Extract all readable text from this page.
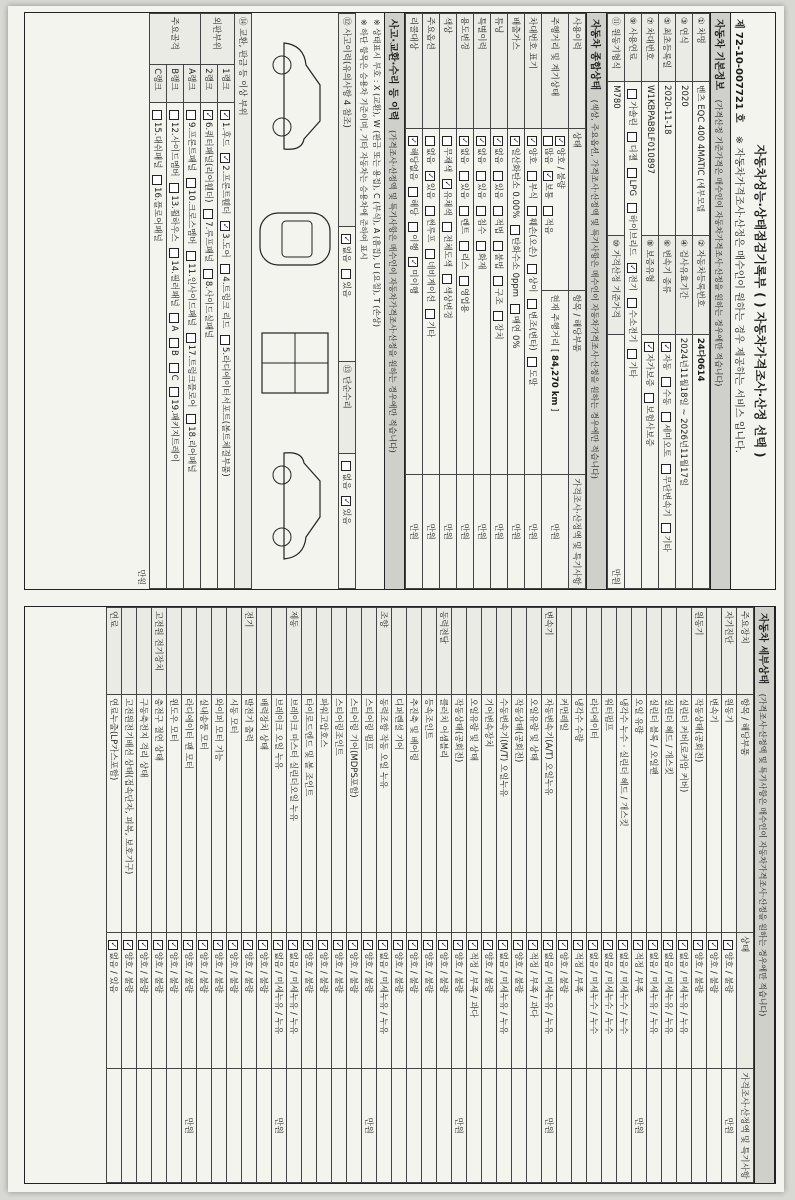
자동차성능·상태점검기록부 ( ) 자동차가격조사·산정 선택 )
제 72-10-007721 호 ※ 자동차가격조사·산정은 매수인이 원하는 경우 제공하는 서비스 입니다.
자동차 기본정보 (가격산정 기준가격은 매수인이 자동차가격조사·산정을 원하는 경우에만 적습니다)
① 차명	벤츠 EQC 400 4MATIC (세부모델	② 자동차등록번호	24다0614
③ 연식	2020	④ 검사유효기간	2024년11월18일 ~ 2026년11월17일
⑤ 최초등록일	2020-11-18	⑥ 변속기 종류	✓자동 수동 세미오토 무단변속기 기타
⑦ 차대번호	W1KBPAB8LF010897	⑧ 보증유형	✓자가보증 보험사보증
⑨ 사용연료	가솔린 디젤 LPG 하이브리드 ✓전기 수소전기 기타
⑪ 원동기형식	M780	⑩ 가격산정 기준가격	만원
자동차 종합상태 (색상, 주요옵션, 가격조사·산정액 및 특기사항은 매수인이 자동차가격조사·산정을 원하는 경우에만 적습니다)
사용이력	상태	항목 / 해당부품	가격조사·산정액 및 특기사항
주행거리 및 계기상태	✓양호 / 불량
많음 ✓보통 적음	현재 주행거리 [ 84,270 km ]	만원
차대번호 표기	✓양호 부식 훼손(오손) 상이 변조(변타) 도말		만원
배출가스	✓일산화탄소 0.00% 탄화수소 0ppm 매연 0%		만원
튜닝	✓없음 있음 적법 불법 구조 장치		만원
특별이력	✓없음 있음 침수 화재		만원
용도변경	✓없음 있음 렌트 리스 영업용		만원
색상	무채색 ✓유채색 전체도색 색상변경		만원
주요옵션	없음 ✓있음 썬루프 네비게이션 기타		만원
리콜대상	✓해당없음 해당 이행 ✓미이행		만원
사고·교환·수리 등 이력 (가격조사·산정액 및 특기사항은 매수인이 자동차가격조사·산정을 원하는 경우에만 적습니다)
※ 상태표시 부호 : X (교환), W (판금 또는 용접), C (부식), A (흠집), U (요철), T (손상)
※ 하단 항목은 승용차 기준이며, 기타 자동차는 승용차에 준하여 표시
⑫ 사고이력(유의사항 4 참조)	✓없음 있음	⑬ 단순수리	없음 ✓있음
⑭ 교환, 판금 등 이상 부위		
외판부위	1랭크	✓1.후드 ✓2.프론트휀더 ✓3.도어 4.트렁크 리드 5.라디에이터서포트(볼트체결부품)
	2랭크	✓6.쿼터패널(리어휀더) 7.루프패널 8.사이드실패널
주요골격	A랭크	9.프론트패널 10.크로스멤버 11.인사이드패널 17.트렁크플로어 18.리어패널
	B랭크	12.사이드멤버 13.휠하우스 14.필러패널 A B C 19.패키지트레이
	C랭크	15.대쉬패널 16.플로어패널
만원
자동차 세부상태 (가격조사·산정액 및 특기사항은 매수인이 자동차가격조사·산정을 원하는 경우에만 적습니다)
주요장치	항목 / 해당부품	상태	가격조사·산정액 및 특기사항
자기진단	원동기	✓양호 / 불량	만원
	변속기	✓양호 / 불량	
원동기	작동상태(공회전)	✓양호 / 불량	
	실린더 커버(로커암 커버)	✓없음 / 미세누유 / 누유	
	실린더 헤드 / 개스킷	✓없음 / 미세누유 / 누유	
	실린더 블록 / 오일팬	✓없음 / 미세누유 / 누유	
	오일 유량	✓적정 / 부족	만원
	냉각수 누수 · 실린더 헤드 / 개스킷	✓없음 / 미세누수 / 누수	
	워터펌프	✓없음 / 미세누수 / 누수	
	라디에이터	✓없음 / 미세누수 / 누수	
	냉각수 수량	✓적정 / 부족	
	커먼레일	✓양호 / 불량	
변속기	자동변속기(A/T) 오일누유	✓없음 / 미세누유 / 누유	만원
	오일유량 및 상태	✓적정 / 부족 / 과다	
	작동상태(공회전)	✓양호 / 불량	
	수동변속기(M/T) 오일누유	✓없음 / 미세누유 / 누유	
	기어변속장치	✓양호 / 불량	
	오일유량 및 상태	✓적정 / 부족 / 과다	
	작동상태(공회전)	✓양호 / 불량	만원
동력전달	클러치 어셈블리	✓양호 / 불량	
	등속조인트	✓양호 / 불량	
	추진축 및 베어링	✓양호 / 불량	
	디퍼렌셜 기어	✓양호 / 불량	
조향	동력조향 작동 오일 누유	✓없음 / 미세누유 / 누유	
	스티어링 펌프	✓양호 / 불량	만원
	스티어링 기어(MDPS포함)	✓양호 / 불량	
	스티어링조인트	✓양호 / 불량	
	파워고압호스	✓양호 / 불량	
	타이로드엔드 및 볼 조인트	✓양호 / 불량	
제동	브레이크 마스터 실린더오일 누유	✓없음 / 미세누유 / 누유	
	브레이크 오일 누유	✓없음 / 미세누유 / 누유	만원
	배력장치 상태	✓양호 / 불량	
전기	발전기 출력	✓양호 / 불량	
	시동 모터	✓양호 / 불량	
	와이퍼 모터 기능	✓양호 / 불량	
	실내송풍 모터	✓양호 / 불량	
	라디에이터 팬 모터	✓양호 / 불량	만원
	윈도우 모터	✓양호 / 불량	
고전원 전기장치	충전구 절연 상태	✓양호 / 불량	
	구동축전지 격리 상태	✓양호 / 불량	
	고전원전기배선 상태(접속단자, 피복, 보호기구)	✓양호 / 불량	
연료	연료누출(LP가스포함)	✓없음 / 있음	
